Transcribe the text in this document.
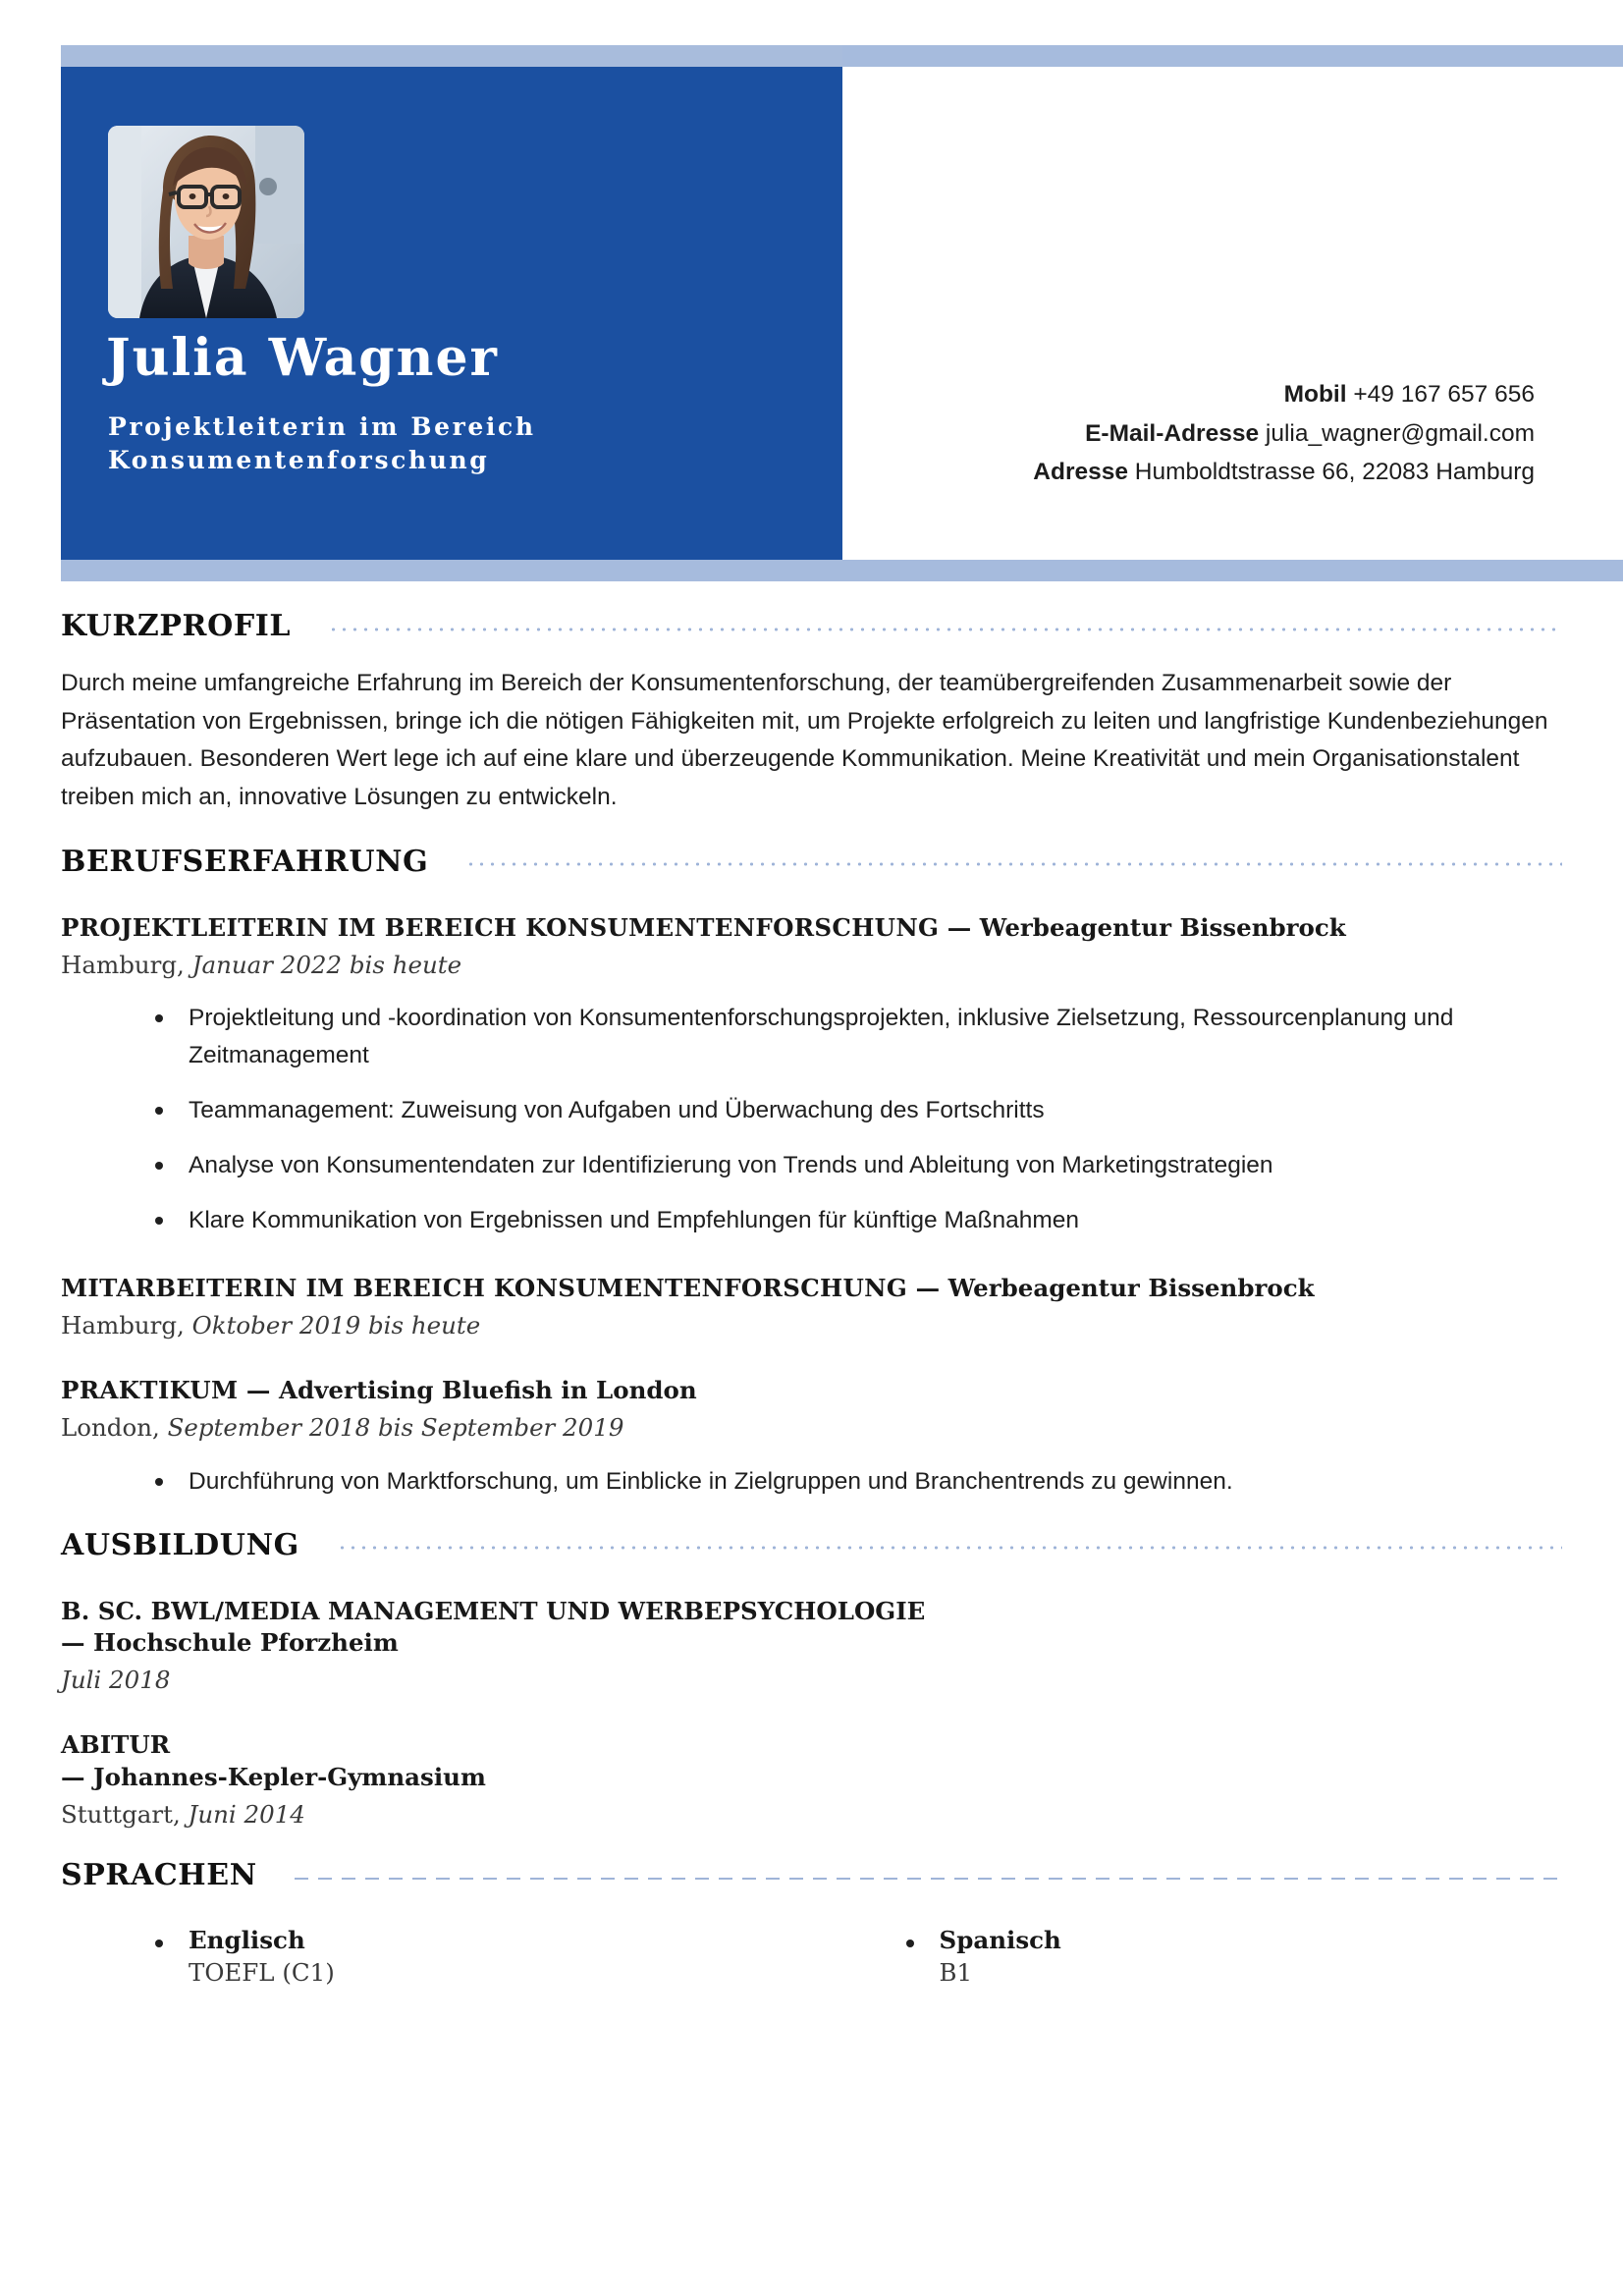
Julia Wagner
Projektleiterin im Bereich Konsumentenforschung
Mobil +49 167 657 656
E-Mail-Adresse julia_wagner@gmail.com
Adresse Humboldtstrasse 66, 22083 Hamburg
KURZPROFIL
Durch meine umfangreiche Erfahrung im Bereich der Konsumentenforschung, der teamübergreifenden Zusammenarbeit sowie der Präsentation von Ergebnissen, bringe ich die nötigen Fähigkeiten mit, um Projekte erfolgreich zu leiten und langfristige Kundenbeziehungen aufzubauen. Besonderen Wert lege ich auf eine klare und überzeugende Kommunikation. Meine Kreativität und mein Organisationstalent treiben mich an, innovative Lösungen zu entwickeln.
BERUFSERFAHRUNG
PROJEKTLEITERIN IM BEREICH KONSUMENTENFORSCHUNG — Werbeagentur Bissenbrock
Hamburg, Januar 2022 bis heute
Projektleitung und -koordination von Konsumentenforschungsprojekten, inklusive Zielsetzung, Ressourcenplanung und Zeitmanagement
Teammanagement: Zuweisung von Aufgaben und Überwachung des Fortschritts
Analyse von Konsumentendaten zur Identifizierung von Trends und Ableitung von Marketingstrategien
Klare Kommunikation von Ergebnissen und Empfehlungen für künftige Maßnahmen
MITARBEITERIN IM BEREICH KONSUMENTENFORSCHUNG — Werbeagentur Bissenbrock
Hamburg, Oktober 2019 bis heute
PRAKTIKUM — Advertising Bluefish in London
London, September 2018 bis September 2019
Durchführung von Marktforschung, um Einblicke in Zielgruppen und Branchentrends zu gewinnen.
AUSBILDUNG
B. SC. BWL/MEDIA MANAGEMENT UND WERBEPSYCHOLOGIE
— Hochschule Pforzheim
Juli 2018
ABITUR
— Johannes-Kepler-Gymnasium
Stuttgart, Juni 2014
SPRACHEN
Englisch
TOEFL (C1)
Spanisch
B1
